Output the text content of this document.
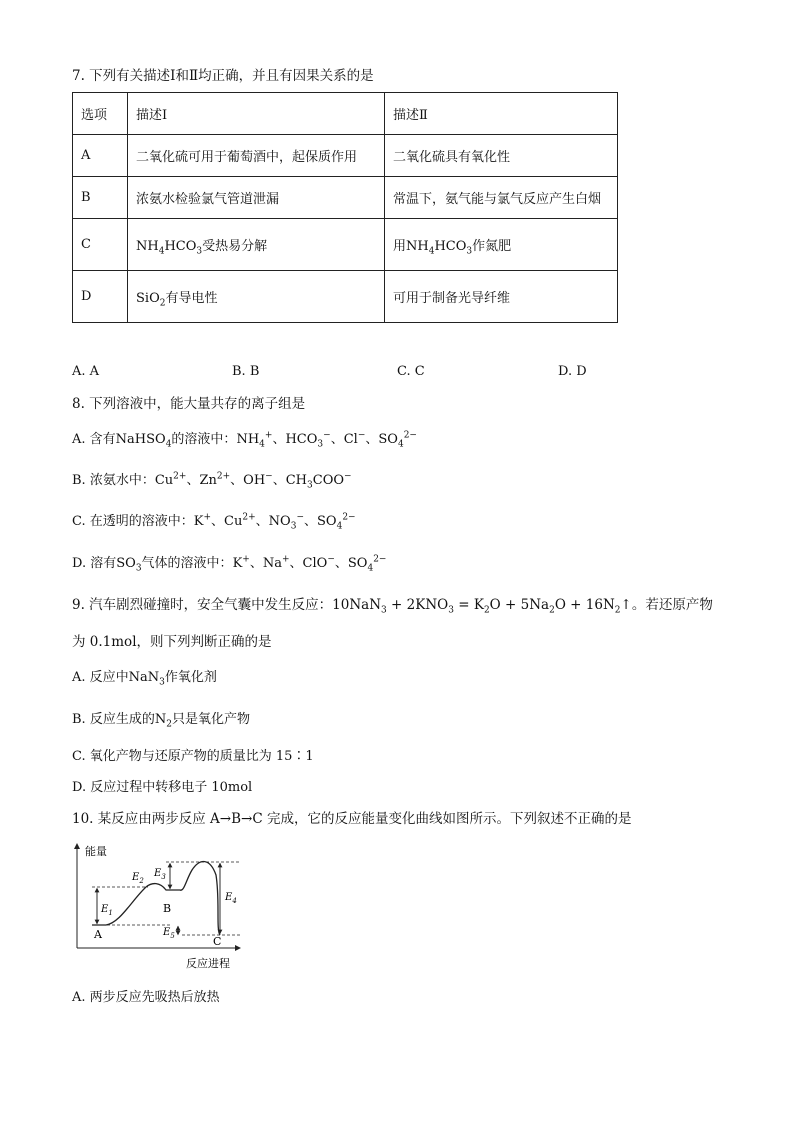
7. 下列有关描述Ⅰ和Ⅱ均正确，并且有因果关系的是
选项	描述Ⅰ	描述Ⅱ
A	二氧化硫可用于葡萄酒中，起保质作用	二氧化硫具有氧化性
B	浓氨水检验氯气管道泄漏	常温下，氨气能与氯气反应产生白烟
C	$NH_4HCO_3$受热易分解	用$NH_4HCO_3$作氮肥
D	SiO$_2$有导电性	可用于制备光导纤维
A. A	B. B	C. C	D. D
8. 下列溶液中，能大量共存的离子组是
A. 含有NaHSO$_4$的溶液中：$NH_4^+$、$HCO_3^-$、Cl−、$SO_4^{2-}$
B. 浓氨水中：$Cu^{2+}$、$Zn^{2+}$、OH−、$CH_3COO^-$
C. 在透明的溶液中：K+、$Cu^{2+}$、$NO_3^-$、$SO_4^{2-}$
D. 溶有$SO_3$气体的溶液中：K+、Na+、ClO−、$SO_4^{2-}$
9. 汽车剧烈碰撞时，安全气囊中发生反应：$10NaN_3 + 2KNO_3 = K_2O + 5Na_2O$ + $16N_2↑$。若还原产物
为 0.1mol，则下列判断正确的是
A. 反应中NaN$_3$作氧化剂
B. 反应生成的$N_2$只是氧化产物
C. 氧化产物与还原产物的质量比为 15∶1
D. 反应过程中转移电子 10mol
10. 某反应由两步反应 A→B→C 完成，它的反应能量变化曲线如图所示。下列叙述不正确的是
能量
反应进程
A
B
C
$E_1$
$E_2$
$E_3$
$E_4$
$E_5$
A. 两步反应先吸热后放热
